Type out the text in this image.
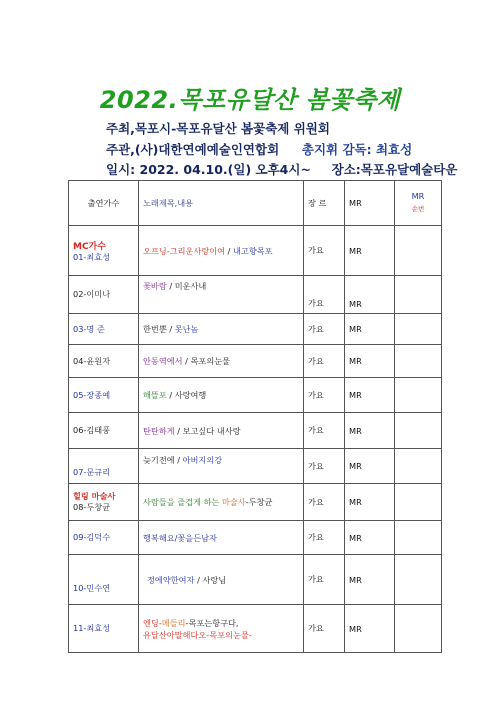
2022.목포유달산 봄꽃축제
주최,목포시-목포유달산 봄꽃축제 위원회
주관,(사)대한연예예술인연합회 총지휘 감독: 최효성
일시: 2022. 04.10.(일) 오후4시~ 장소:목포유달예술타운
출연가수	노래제목,내용	장 르	MR	MR
순번

MC가수
01-최효성	오프닝-그리운사랑이여 / 내고향목포	가요	MR	
02-이미나	꽃바람 / 미운사내	가요	MR	
03-명 준	한번뿐 / 못난놈	가요	MR	
04-윤원자	안동역에서 / 목포의눈물	가요	MR	
05-장종예	해뜰포 / 사랑여행	가요	MR	
06-김태풍	탄탄하게 / 보고싶다 내사랑	가요	MR	
07-문규리	늦기전에 / 아버지의강	가요	MR	

힐링 마술사
08-두창균	사람들을 즐겁게 하는 마술사-두창균	가요	MR	
09-김덕수	행복해요/꽃을든남자	가요	MR	
10-민수연	정에약한여자 / 사랑님	가요	MR	
11-최효성	엔딩-메들리-목포는항구다,
유달산아말해다오-목포의눈물-	가요	MR	
